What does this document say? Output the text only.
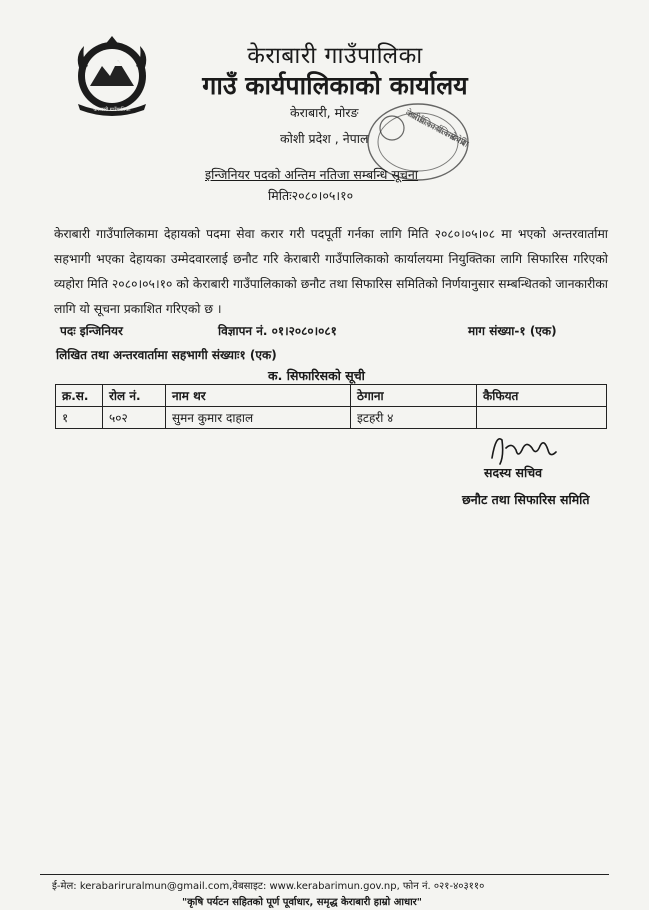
केराबारी गाउँपालिका
केराबारी गाउँपालिका
गाउँ कार्यपालिकाको कार्यालय
केराबारी, मोरङ
कोशी प्रदेश , नेपाल
केराबारी गाउँपालिका कार्यपालिका मोरङ कोशी प्रदेश
इन्जिनियर पदको अन्तिम नतिजा सम्बन्धि सूचना
मितिः२०८०।०५।१०
केराबारी गाउँपालिकामा देहायको पदमा सेवा करार गरी पदपूर्ती गर्नका लागि मिति २०८०।०५।०८ मा भएको अन्तरवार्तामा सहभागी भएका देहायका उम्मेदवारलाई छनौट गरि केराबारी गाउँपालिकाको कार्यालयमा नियुक्तिका लागि सिफारिस गरिएको व्यहोरा मिति २०८०।०५।१० को केराबारी गाउँपालिकाको छनौट तथा सिफारिस समितिको निर्णयानुसार सम्बन्धितको जानकारीका लागि यो सूचना प्रकाशित गरिएको छ ।
पदः इन्जिनियर	विज्ञापन नं. ०१।२०८०।०८१	माग संख्या-१ (एक)
लिखित तथा अन्तरवार्तामा सहभागी संख्याः१ (एक)
क. सिफारिसको सूची
क्र.स.	रोल नं.	नाम थर	ठेगाना	कैफियत
१	५०२	सुमन कुमार दाहाल	इटहरी ४	
सदस्य सचिव
छनौट तथा सिफारिस समिति
ई-मेल: kerabariruralmun@gmail.com,वेबसाइट: www.kerabarimun.gov.np, फोन नं. ०२१-४०३११०
"कृषि पर्यटन सहितको पूर्ण पूर्वाधार, समृद्ध केराबारी हाम्रो आधार"
